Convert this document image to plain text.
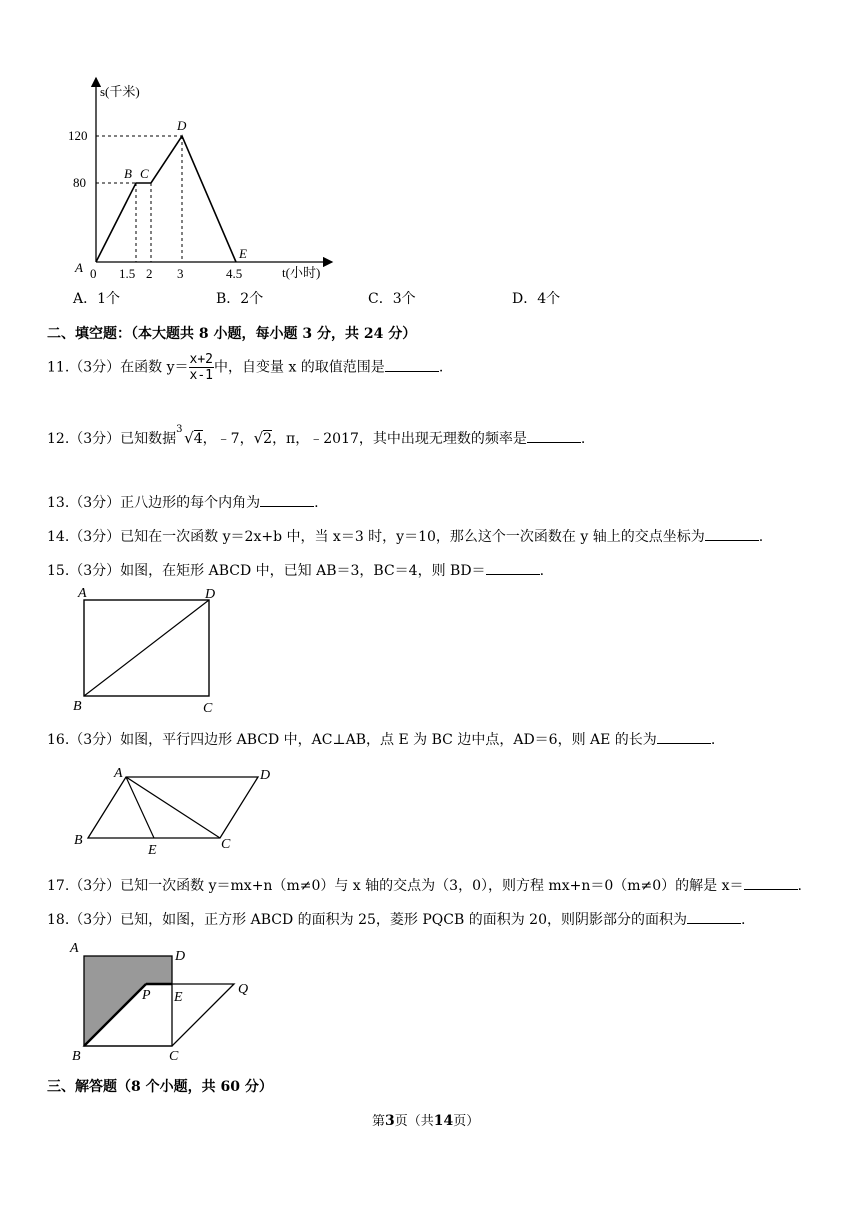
s(千米)
t(小时)
0
120
80
1.5 2 3	4.5
A
B C
D
E
A．1个	B．2个	C．3个	D．4个
二、填空题：（本大题共 8 小题，每小题 3 分，共 24 分）
11.（3分）在函数 $y= \frac{x+2}{x-1}$ 中，自变量 x 的取值范围是	.
12.（3分）已知数据
3 √4，﹣7，√2，π，﹣2017，其中出现无理数的频率是	.
13.（3分）正八边形的每个内角为	.
14.（3分）已知在一次函数 y＝2x+b 中，当 x＝3 时，y＝10，那么这个一次函数在 y 轴上的交点坐标为	.
15.（3分）如图，在矩形 ABCD 中，已知 AB＝3，BC＝4，则 BD＝	.
A	D
B	C
16.（3分）如图，平行四边形 ABCD 中，AC⊥AB，点 E 为 BC 边中点，AD＝6，则 AE 的长为	.
A	D
B	C
E
17.（3分）已知一次函数 y＝mx+n（m≠0）与 x 轴的交点为（3，0），则方程 mx+n＝0（m≠0）的解是 x＝	.
18.（3分）已知，如图，正方形 ABCD 的面积为 25，菱形 PQCB 的面积为 20，则阴影部分的面积为	.
A
D
P E
Q
B	C
三、解答题（8 个小题，共 60 分）
第3页（共14页）
